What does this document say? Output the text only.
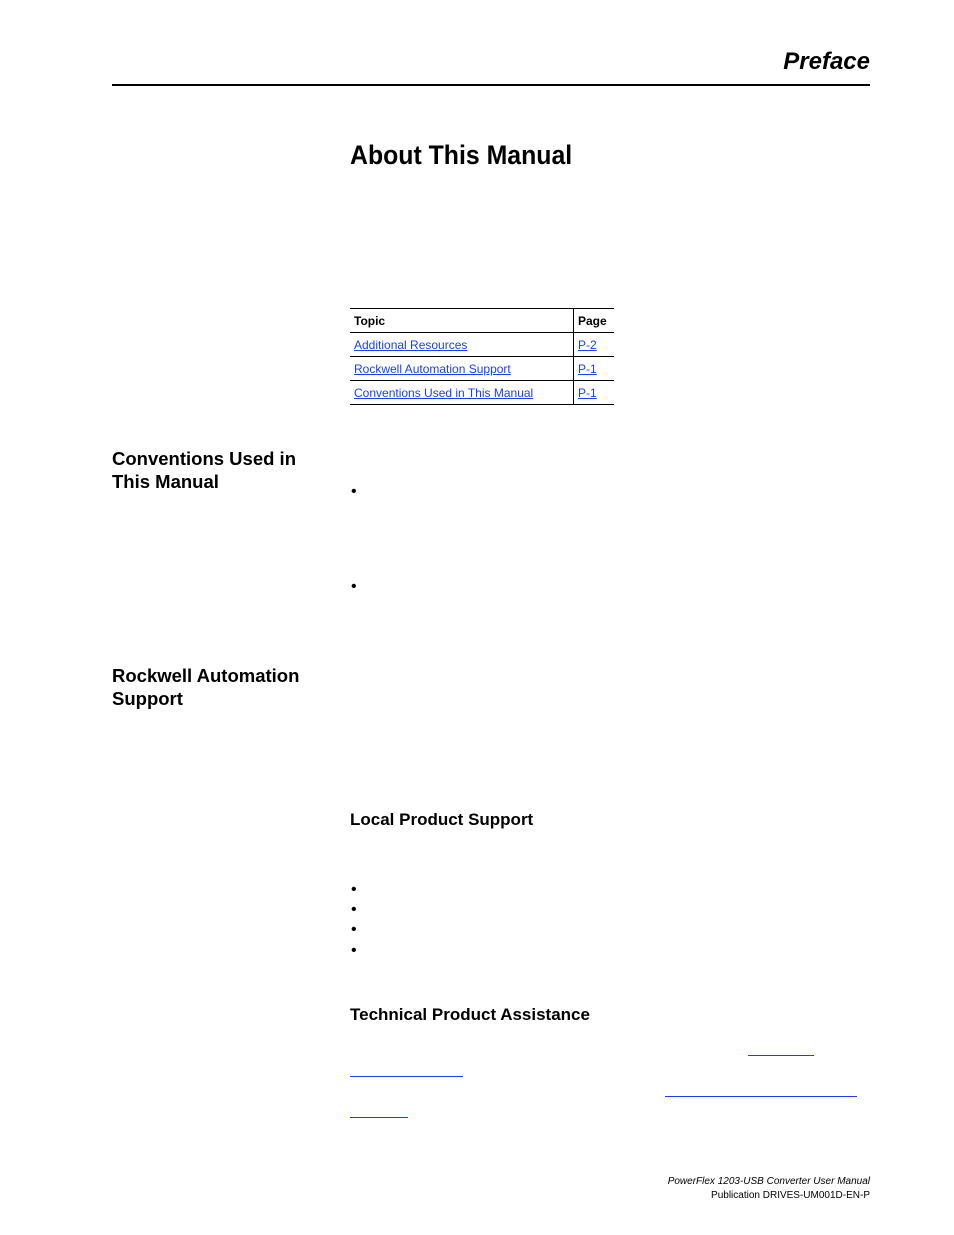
Preface
About This Manual
Topic	Page
Additional Resources	P-2
Rockwell Automation Support	P-1
Conventions Used in This Manual	P-1
Conventions Used in This Manual	•
•
Rockwell Automation Support
Local Product Support
•
•
•
•
Technical Product Assistance
PowerFlex 1203-USB Converter User Manual
Publication DRIVES-UM001D-EN-P
